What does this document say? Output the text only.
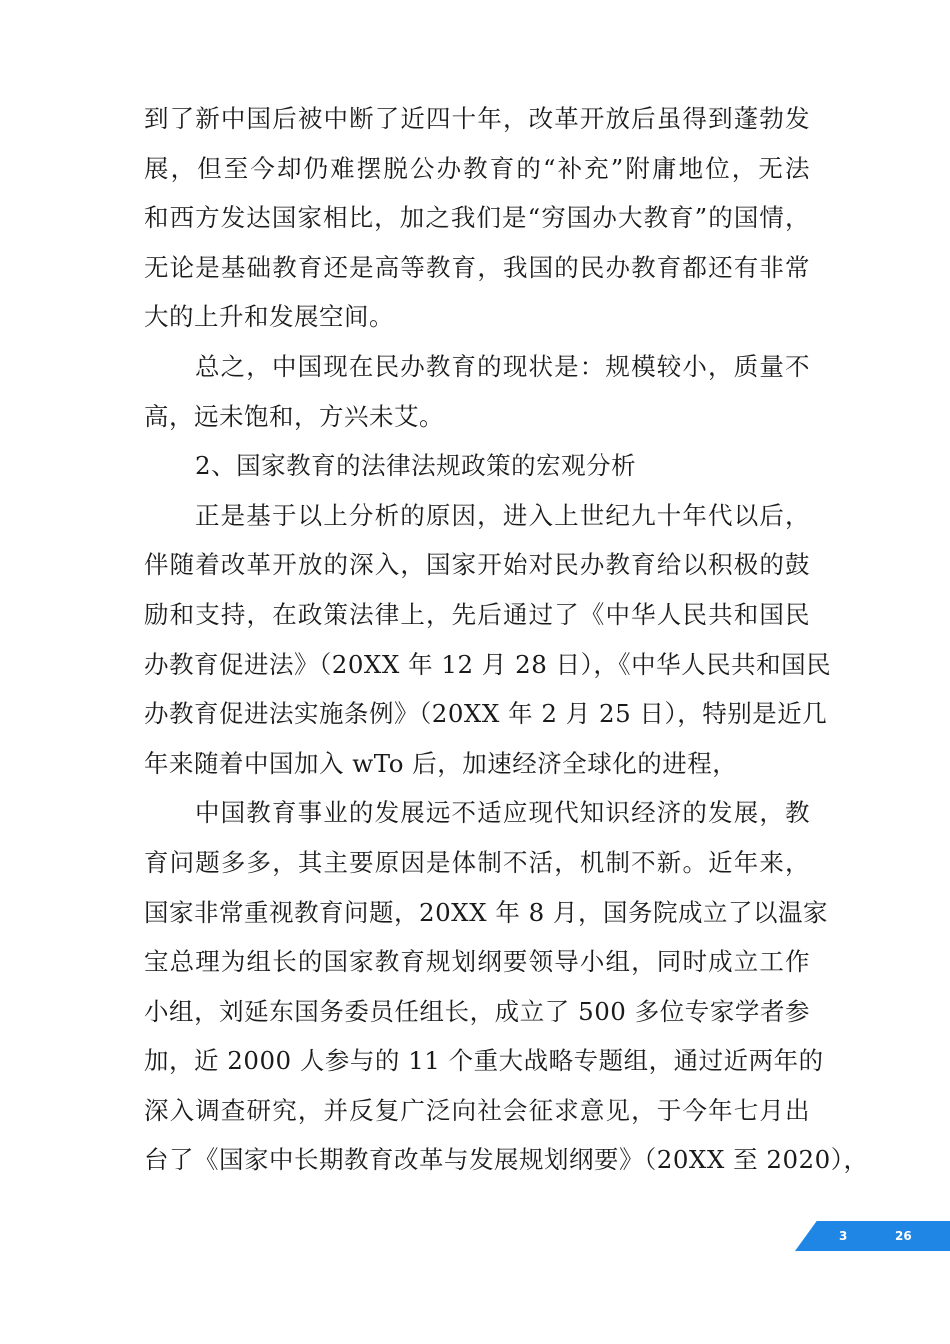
到了新中国后被中断了近四十年，改革开放后虽得到蓬勃发
展，但至今却仍难摆脱公办教育的“补充”附庸地位，无法
和西方发达国家相比，加之我们是“穷国办大教育”的国情，
无论是基础教育还是高等教育，我国的民办教育都还有非常
大的上升和发展空间。
总之，中国现在民办教育的现状是：规模较小，质量不
高，远未饱和，方兴未艾。
2、国家教育的法律法规政策的宏观分析
正是基于以上分析的原因，进入上世纪九十年代以后，
伴随着改革开放的深入，国家开始对民办教育给以积极的鼓
励和支持，在政策法律上，先后通过了《中华人民共和国民
办教育促进法》（20XX 年 12 月 28 日），《中华人民共和国民
办教育促进法实施条例》（20XX 年 2 月 25 日），特别是近几
年来随着中国加入 wTo 后，加速经济全球化的进程，
中国教育事业的发展远不适应现代知识经济的发展，教
育问题多多，其主要原因是体制不活，机制不新。近年来，
国家非常重视教育问题，20XX 年 8 月，国务院成立了以温家
宝总理为组长的国家教育规划纲要领导小组，同时成立工作
小组，刘延东国务委员任组长，成立了 500 多位专家学者参
加，近 2000 人参与的 11 个重大战略专题组，通过近两年的
深入调查研究，并反复广泛向社会征求意见，于今年七月出
台了《国家中长期教育改革与发展规划纲要》（20XX 至 2020），
3	26
